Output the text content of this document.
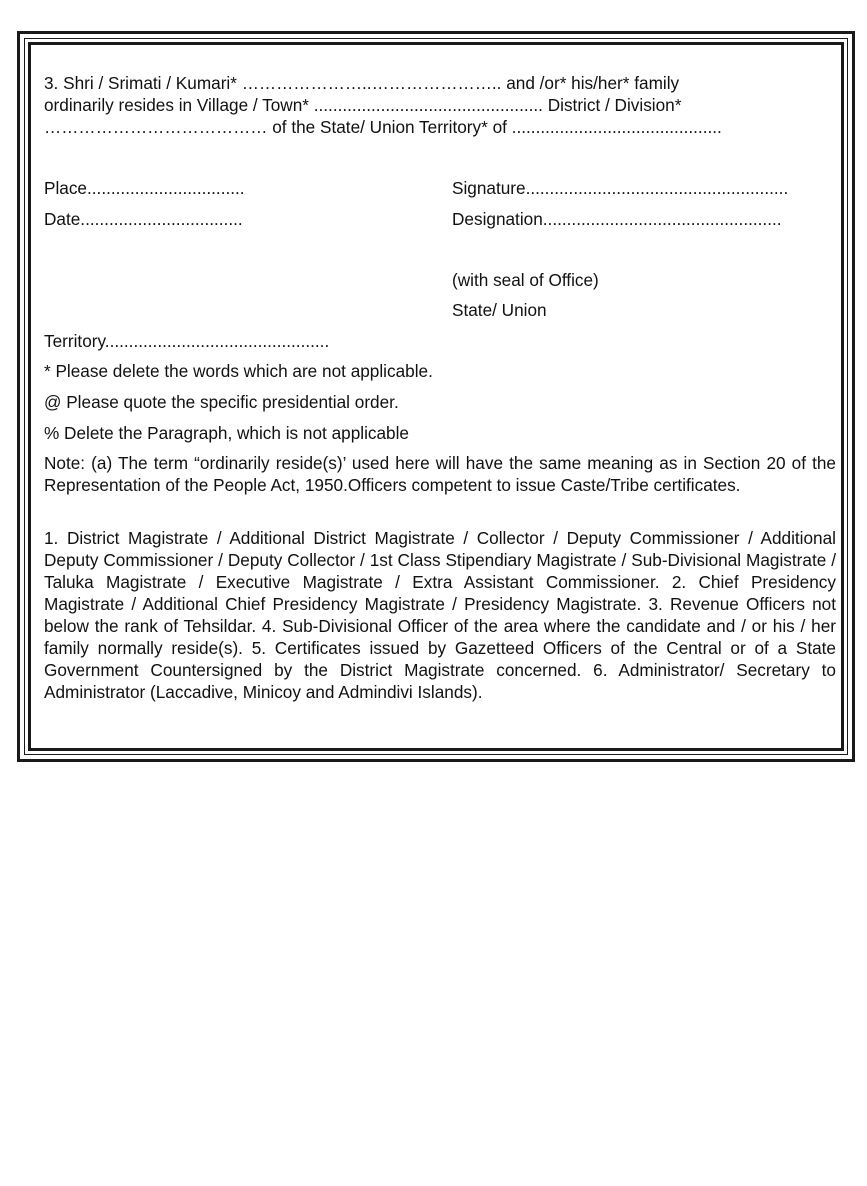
3. Shri / Srimati / Kumari* …………………..………………….. and /or* his/her* family
ordinarily resides in Village / Town* ................................................ District / Division*
………………………………… of the State/ Union Territory* of ............................................
Place.................................
Date..................................
Signature.......................................................
Designation..................................................
(with seal of Office)
State/ Union
Territory...............................................
* Please delete the words which are not applicable.
@ Please quote the specific presidential order.
% Delete the Paragraph, which is not applicable
Note: (a) The term “ordinarily reside(s)’ used here will have the same meaning as in Section 20 of the Representation of the People Act, 1950.Officers competent to issue Caste/Tribe certificates.
1. District Magistrate / Additional District Magistrate / Collector / Deputy Commissioner / Additional Deputy Commissioner / Deputy Collector / 1st Class Stipendiary Magistrate / Sub-Divisional Magistrate / Taluka Magistrate / Executive Magistrate / Extra Assistant Commissioner. 2. Chief Presidency Magistrate / Additional Chief Presidency Magistrate / Presidency Magistrate. 3. Revenue Officers not below the rank of Tehsildar. 4. Sub-Divisional Officer of the area where the candidate and / or his / her family normally reside(s). 5. Certificates issued by Gazetteed Officers of the Central or of a State Government Countersigned by the District Magistrate concerned. 6. Administrator/ Secretary to Administrator (Laccadive, Minicoy and Admindivi Islands).
